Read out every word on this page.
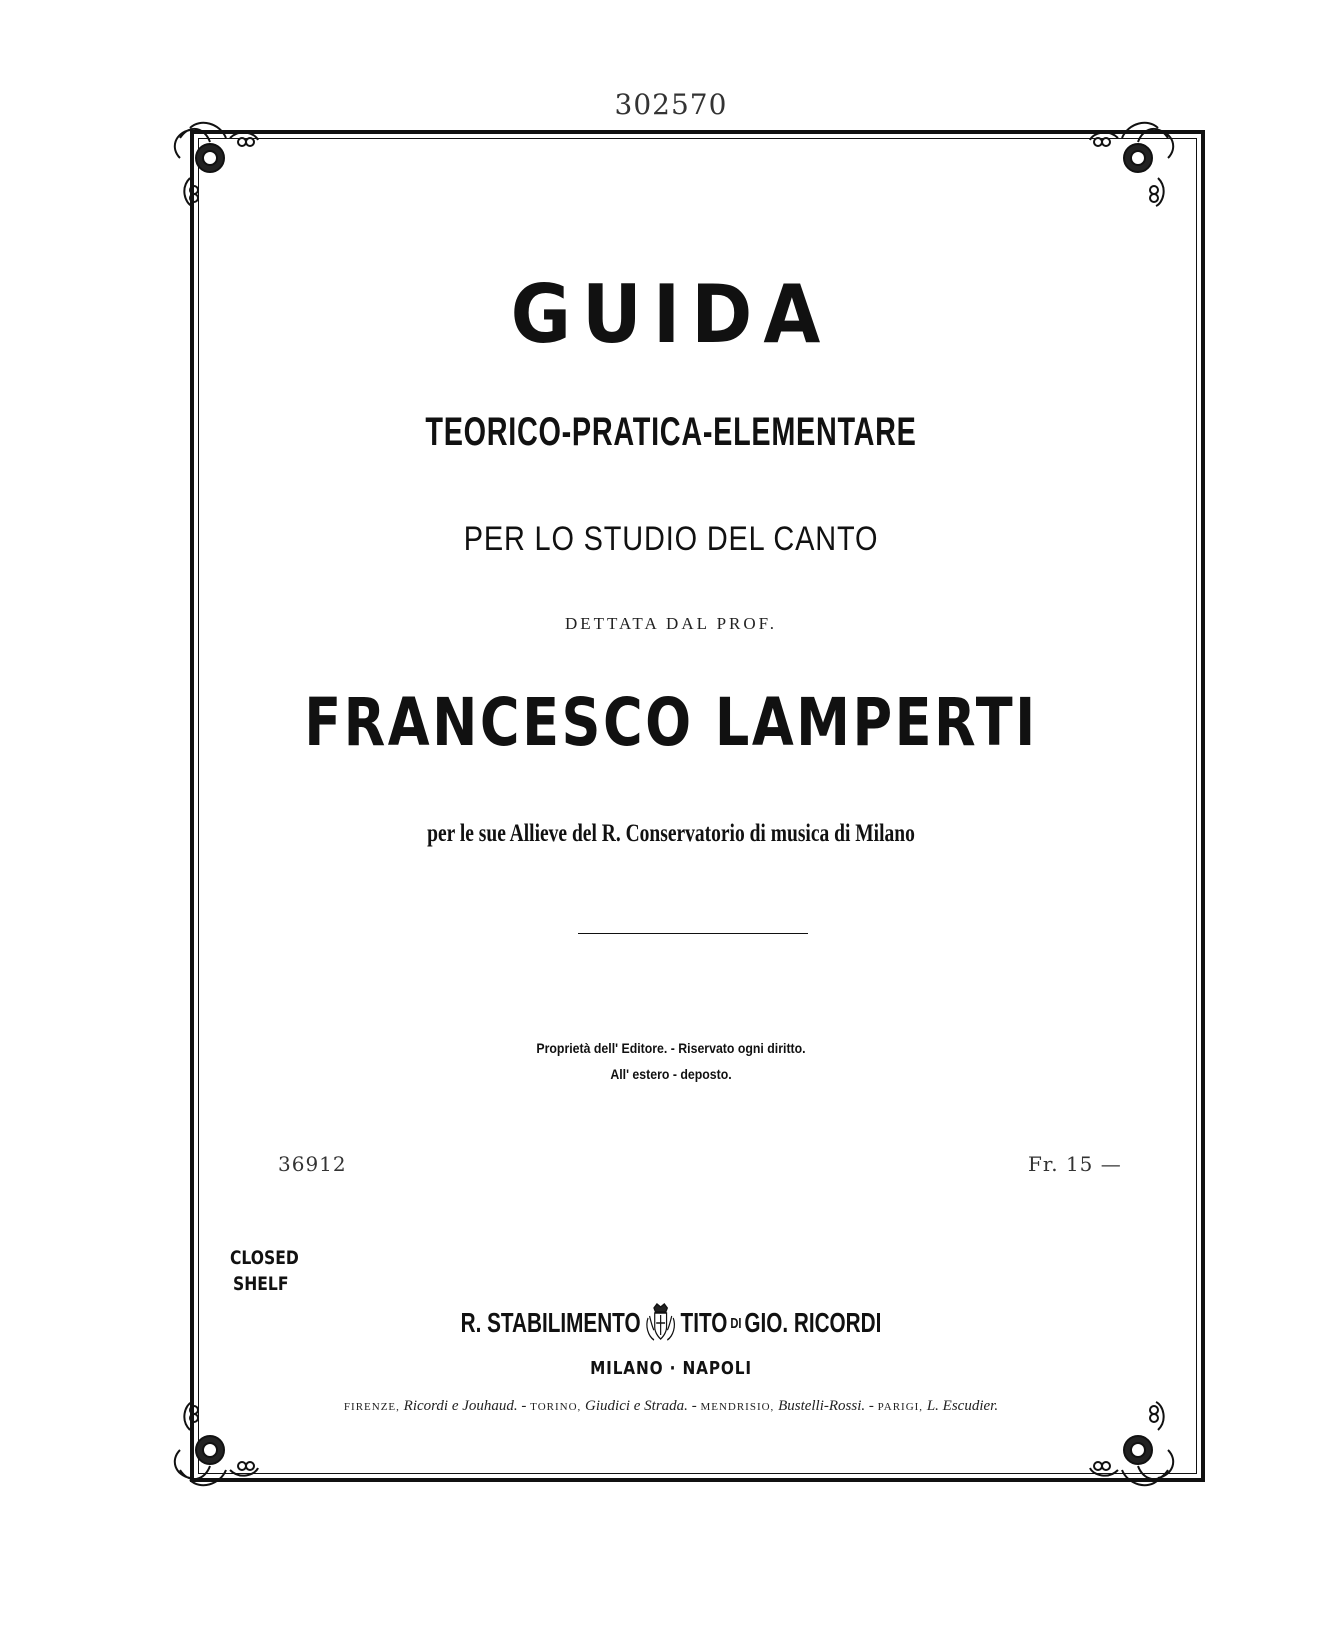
302570
GUIDA
TEORICO-PRATICA-ELEMENTARE
PER LO STUDIO DEL CANTO
DETTATA DAL PROF.
FRANCESCO LAMPERTI
per le sue Allieve del R. Conservatorio di musica di Milano
Proprietà dell' Editore. - Riservato ogni diritto.
All' estero - deposto.
36912	Fr. 15 —
CLOSED
SHELF
R. STABILIMENTO TITO DI GIO. RICORDI
MILANO · NAPOLI
FIRENZE, Ricordi e Jouhaud. - TORINO, Giudici e Strada. - MENDRISIO, Bustelli-Rossi. - PARIGI, L. Escudier.
